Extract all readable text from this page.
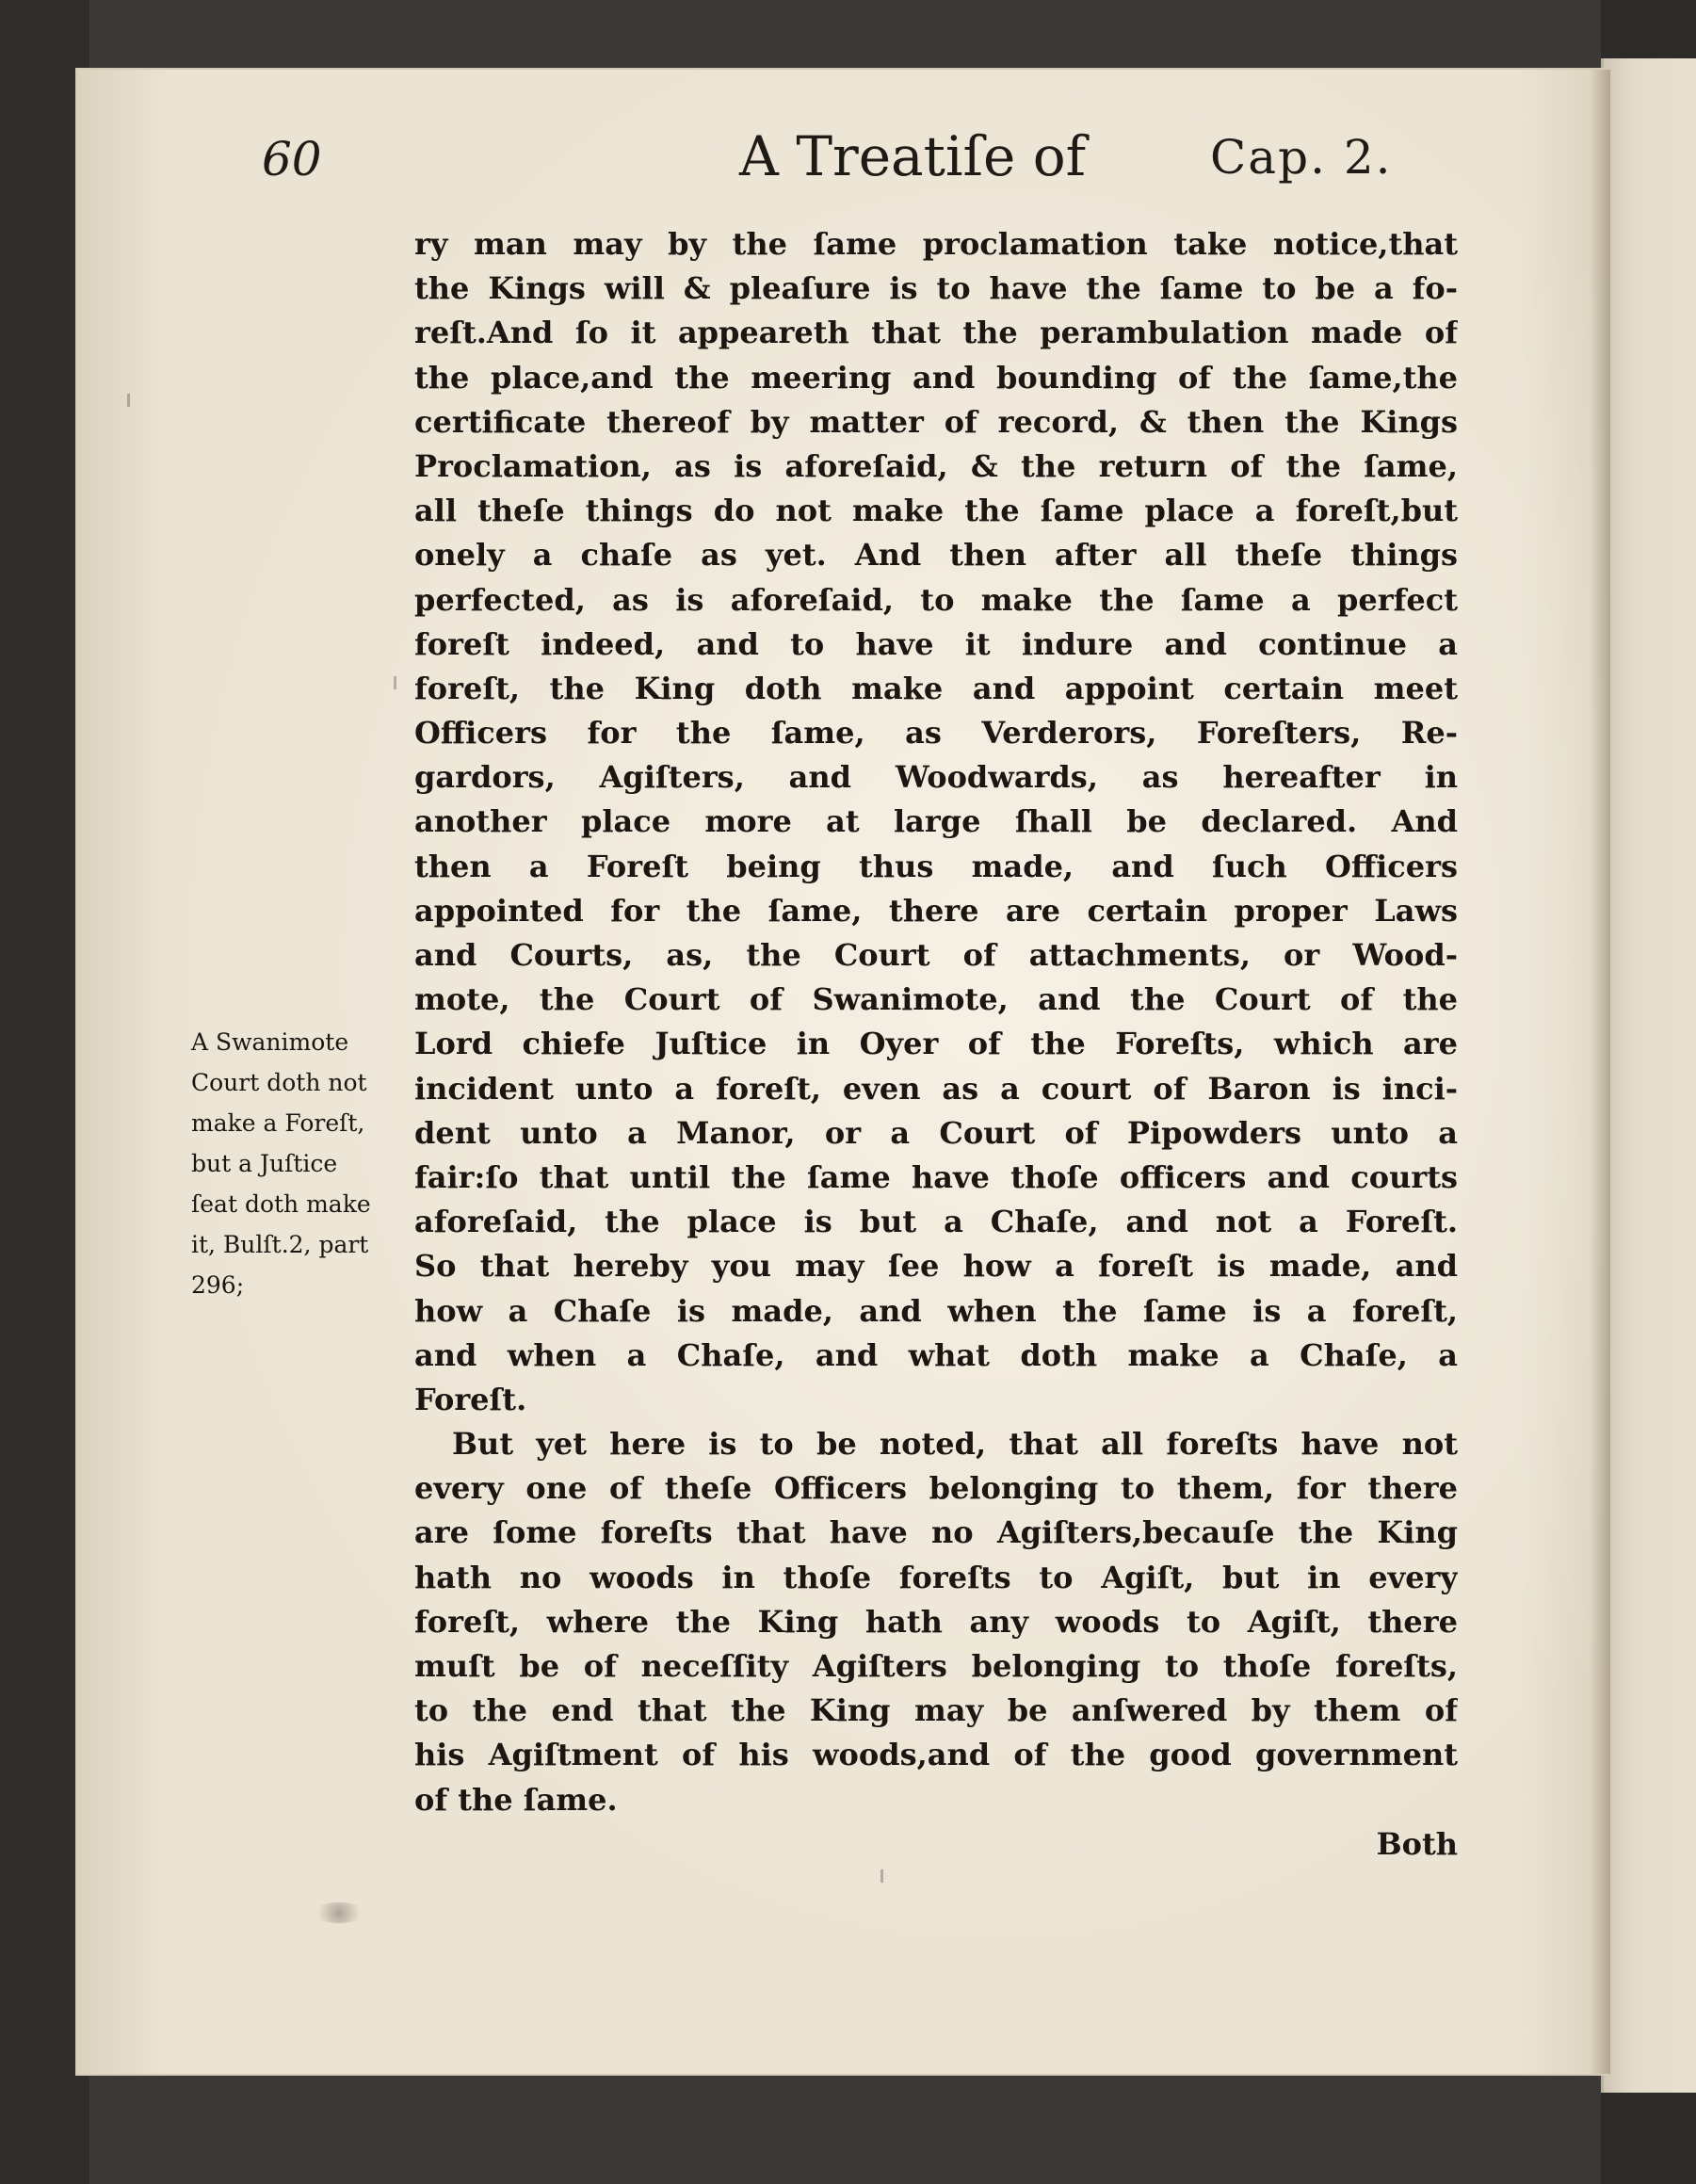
60	A Treatiſe of	Cap. 2.
A Swanimote
Court doth not
make a Foreſt,
but a Juſtice
ſeat doth make
it, Bulſt.2, part
296;
ry man may by the ſame proclamation take notice,that
the Kings will & pleaſure is to have the ſame to be a fo-
reſt.And ſo it appeareth that the perambulation made of
the place,and the meering and bounding of the ſame,the
certificate thereof by matter of record, & then the Kings
Proclamation, as is aforeſaid, & the return of the ſame,
all theſe things do not make the ſame place a foreſt,but
onely a chaſe as yet. And then after all theſe things
perfected, as is aforeſaid, to make the ſame a perfect
foreſt indeed, and to have it indure and continue a
foreſt, the King doth make and appoint certain meet
Officers for the ſame, as Verderors, Foreſters, Re-
gardors, Agiſters, and Woodwards, as hereafter in
another place more at large ſhall be declared. And
then a Foreſt being thus made, and ſuch Officers
appointed for the ſame, there are certain proper Laws
and Courts, as, the Court of attachments, or Wood-
mote, the Court of Swanimote, and the Court of the
Lord chiefe Juſtice in Oyer of the Foreſts, which are
incident unto a foreſt, even as a court of Baron is inci-
dent unto a Manor, or a Court of Pipowders unto a
fair:ſo that until the ſame have thoſe officers and courts
aforeſaid, the place is but a Chaſe, and not a Foreſt.
So that hereby you may ſee how a foreſt is made, and
how a Chaſe is made, and when the ſame is a foreſt,
and when a Chaſe, and what doth make a Chaſe, a
Foreſt.
But yet here is to be noted, that all foreſts have not
every one of theſe Officers belonging to them, for there
are ſome foreſts that have no Agiſters,becauſe the King
hath no woods in thoſe foreſts to Agiſt, but in every
foreſt, where the King hath any woods to Agiſt, there
muſt be of neceſſity Agiſters belonging to thoſe foreſts,
to the end that the King may be anſwered by them of
his Agiſtment of his woods,and of the good government
of the ſame.
Both
